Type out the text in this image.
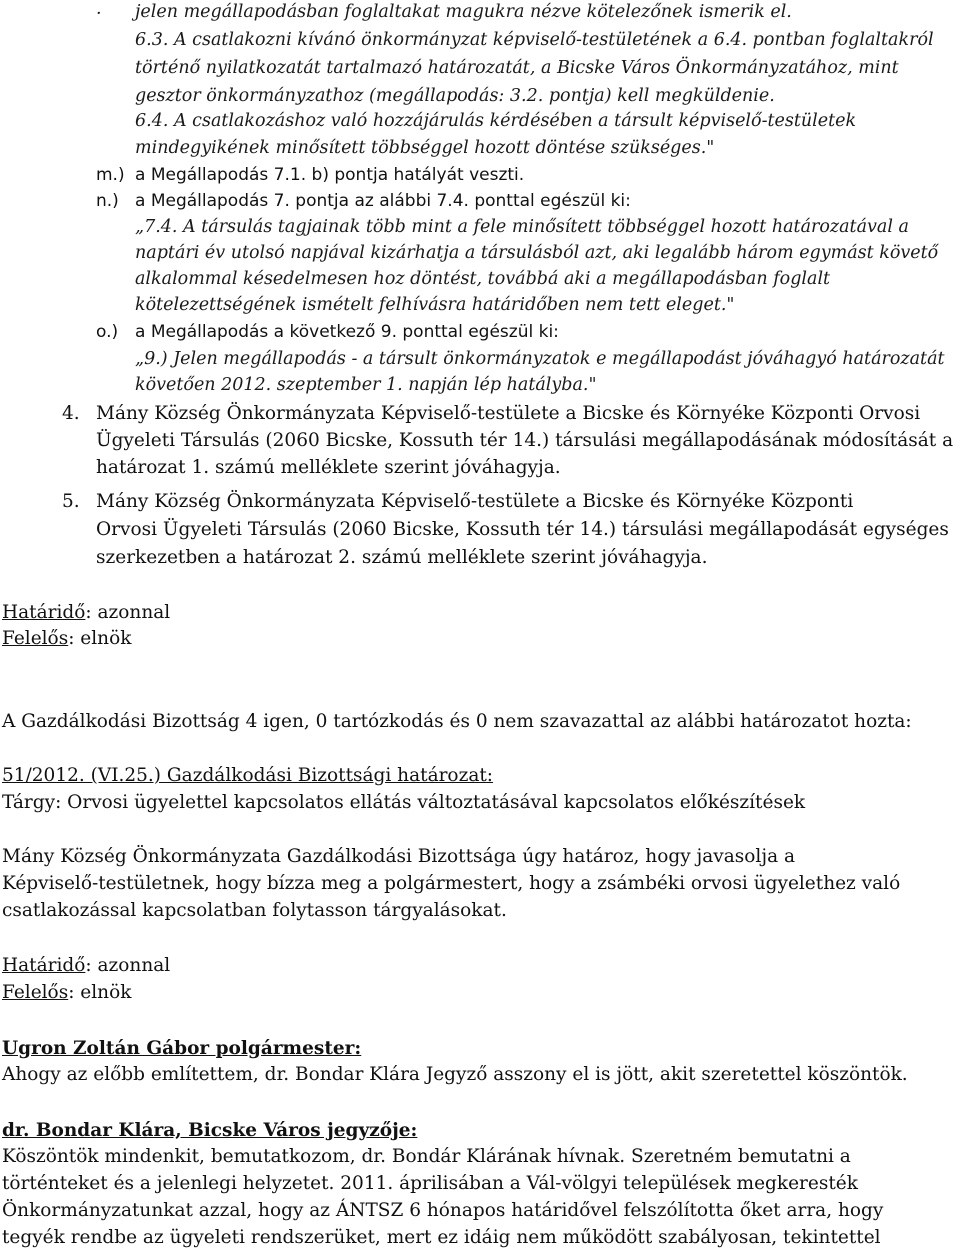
· jelen megállapodásban foglaltakat magukra nézve kötelezőnek ismerik el.
6.3. A csatlakozni kívánó önkormányzat képviselő-testületének a 6.4. pontban foglaltakról
történő nyilatkozatát tartalmazó határozatát, a Bicske Város Önkormányzatához, mint
gesztor önkormányzathoz (megállapodás: 3.2. pontja) kell megküldenie.
6.4. A csatlakozáshoz való hozzájárulás kérdésében a társult képviselő-testületek
mindegyikének minősített többséggel hozott döntése szükséges."
m.) a Megállapodás 7.1. b) pontja hatályát veszti.
n.) a Megállapodás 7. pontja az alábbi 7.4. ponttal egészül ki:
„7.4. A társulás tagjainak több mint a fele minősített többséggel hozott határozatával a
naptári év utolsó napjával kizárhatja a társulásból azt, aki legalább három egymást követő
alkalommal késedelmesen hoz döntést, továbbá aki a megállapodásban foglalt
kötelezettségének ismételt felhívásra határidőben nem tett eleget."
o.) a Megállapodás a következő 9. ponttal egészül ki:
„9.) Jelen megállapodás - a társult önkormányzatok e megállapodást jóváhagyó határozatát
követően 2012. szeptember 1. napján lép hatályba."
4. Mány Község Önkormányzata Képviselő-testülete a Bicske és Környéke Központi Orvosi
Ügyeleti Társulás (2060 Bicske, Kossuth tér 14.) társulási megállapodásának módosítását a
határozat 1. számú melléklete szerint jóváhagyja.
5. Mány Község Önkormányzata Képviselő-testülete a Bicske és Környéke Központi
Orvosi Ügyeleti Társulás (2060 Bicske, Kossuth tér 14.) társulási megállapodását egységes
szerkezetben a határozat 2. számú melléklete szerint jóváhagyja.
Határidő: azonnal
Felelős: elnök
A Gazdálkodási Bizottság 4 igen, 0 tartózkodás és 0 nem szavazattal az alábbi határozatot hozta:
51/2012. (VI.25.) Gazdálkodási Bizottsági határozat:
Tárgy: Orvosi ügyelettel kapcsolatos ellátás változtatásával kapcsolatos előkészítések
Mány Község Önkormányzata Gazdálkodási Bizottsága úgy határoz, hogy javasolja a
Képviselő-testületnek, hogy bízza meg a polgármestert, hogy a zsámbéki orvosi ügyelethez való
csatlakozással kapcsolatban folytasson tárgyalásokat.
Határidő: azonnal
Felelős: elnök
Ugron Zoltán Gábor polgármester:
Ahogy az előbb említettem, dr. Bondar Klára Jegyző asszony el is jött, akit szeretettel köszöntök.
dr. Bondar Klára, Bicske Város jegyzője:
Köszöntök mindenkit, bemutatkozom, dr. Bondár Klárának hívnak. Szeretném bemutatni a
történteket és a jelenlegi helyzetet. 2011. áprilisában a Vál-völgyi települések megkeresték
Önkormányzatunkat azzal, hogy az ÁNTSZ 6 hónapos határidővel felszólította őket arra, hogy
tegyék rendbe az ügyeleti rendszerüket, mert ez idáig nem működött szabályosan, tekintettel
